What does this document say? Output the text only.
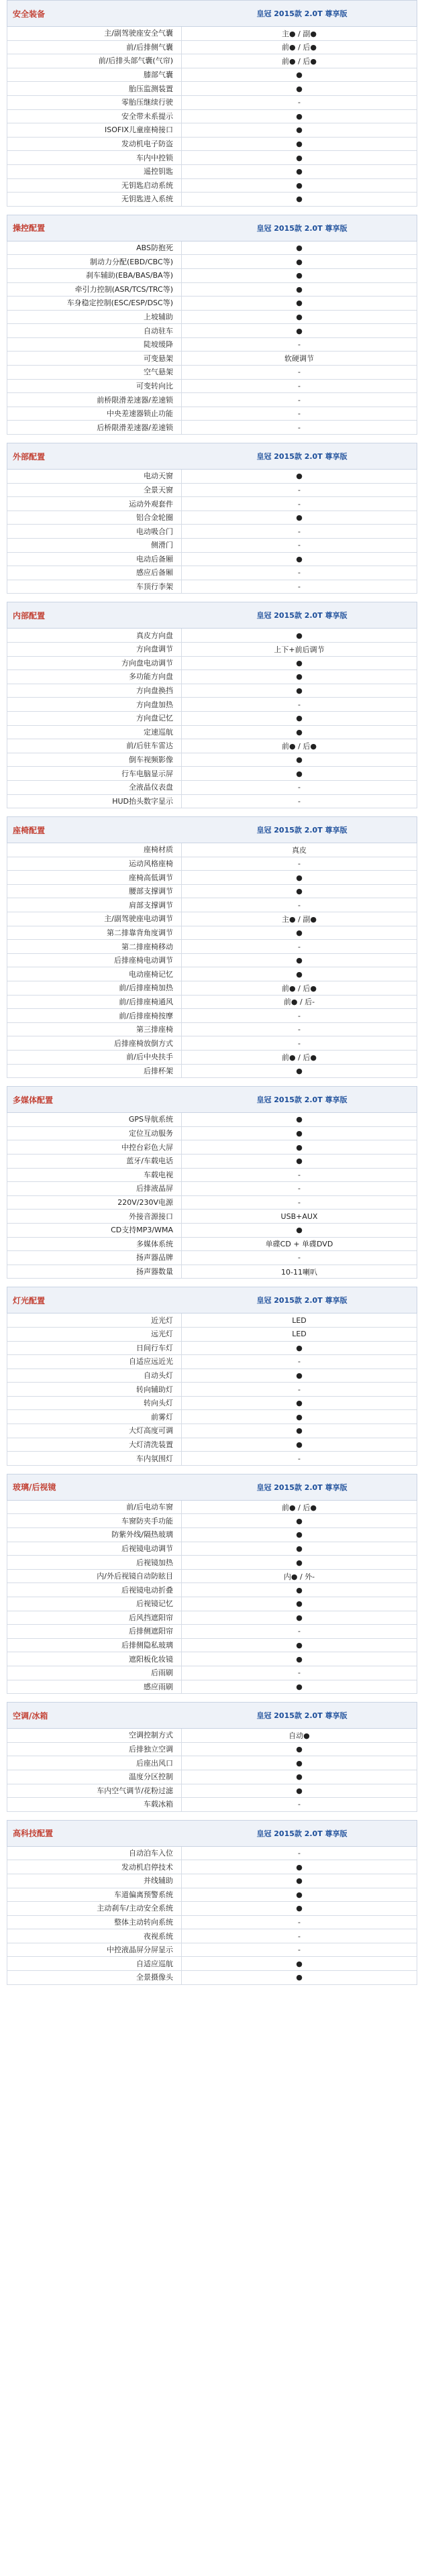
安全装备	皇冠 2015款 2.0T 尊享版
主/副驾驶座安全气囊	主● / 副●
前/后排侧气囊	前● / 后●
前/后排头部气囊(气帘)	前● / 后●
膝部气囊	●
胎压监测装置	●
零胎压继续行驶	-
安全带未系提示	●
ISOFIX儿童座椅接口	●
发动机电子防盗	●
车内中控锁	●
遥控钥匙	●
无钥匙启动系统	●
无钥匙进入系统	●
操控配置	皇冠 2015款 2.0T 尊享版
ABS防抱死	●
制动力分配(EBD/CBC等)	●
刹车辅助(EBA/BAS/BA等)	●
牵引力控制(ASR/TCS/TRC等)	●
车身稳定控制(ESC/ESP/DSC等)	●
上坡辅助	●
自动驻车	●
陡坡缓降	-
可变悬架	软硬调节
空气悬架	-
可变转向比	-
前桥限滑差速器/差速锁	-
中央差速器锁止功能	-
后桥限滑差速器/差速锁	-
外部配置	皇冠 2015款 2.0T 尊享版
电动天窗	●
全景天窗	-
运动外观套件	-
铝合金轮圈	●
电动吸合门	-
侧滑门	-
电动后备厢	●
感应后备厢	-
车顶行李架	-
内部配置	皇冠 2015款 2.0T 尊享版
真皮方向盘	●
方向盘调节	上下+前后调节
方向盘电动调节	●
多功能方向盘	●
方向盘换挡	●
方向盘加热	-
方向盘记忆	●
定速巡航	●
前/后驻车雷达	前● / 后●
倒车视频影像	●
行车电脑显示屏	●
全液晶仪表盘	-
HUD抬头数字显示	-
座椅配置	皇冠 2015款 2.0T 尊享版
座椅材质	真皮
运动风格座椅	-
座椅高低调节	●
腰部支撑调节	●
肩部支撑调节	-
主/副驾驶座电动调节	主● / 副●
第二排靠背角度调节	●
第二排座椅移动	-
后排座椅电动调节	●
电动座椅记忆	●
前/后排座椅加热	前● / 后●
前/后排座椅通风	前● / 后-
前/后排座椅按摩	-
第三排座椅	-
后排座椅放倒方式	-
前/后中央扶手	前● / 后●
后排杯架	●
多媒体配置	皇冠 2015款 2.0T 尊享版
GPS导航系统	●
定位互动服务	●
中控台彩色大屏	●
蓝牙/车载电话	●
车载电视	-
后排液晶屏	-
220V/230V电源	-
外接音源接口	USB+AUX
CD支持MP3/WMA	●
多媒体系统	单碟CD + 单碟DVD
扬声器品牌	-
扬声器数量	10-11喇叭
灯光配置	皇冠 2015款 2.0T 尊享版
近光灯	LED
远光灯	LED
日间行车灯	●
自适应远近光	-
自动头灯	●
转向辅助灯	-
转向头灯	●
前雾灯	●
大灯高度可调	●
大灯清洗装置	●
车内氛围灯	-
玻璃/后视镜	皇冠 2015款 2.0T 尊享版
前/后电动车窗	前● / 后●
车窗防夹手功能	●
防紫外线/隔热玻璃	●
后视镜电动调节	●
后视镜加热	●
内/外后视镜自动防眩目	内● / 外-
后视镜电动折叠	●
后视镜记忆	●
后风挡遮阳帘	●
后排侧遮阳帘	-
后排侧隐私玻璃	●
遮阳板化妆镜	●
后雨刷	-
感应雨刷	●
空调/冰箱	皇冠 2015款 2.0T 尊享版
空调控制方式	自动●
后排独立空调	●
后座出风口	●
温度分区控制	●
车内空气调节/花粉过滤	●
车载冰箱	-
高科技配置	皇冠 2015款 2.0T 尊享版
自动泊车入位	-
发动机启停技术	●
并线辅助	●
车道偏离预警系统	●
主动刹车/主动安全系统	●
整体主动转向系统	-
夜视系统	-
中控液晶屏分屏显示	-
自适应巡航	●
全景摄像头	●
